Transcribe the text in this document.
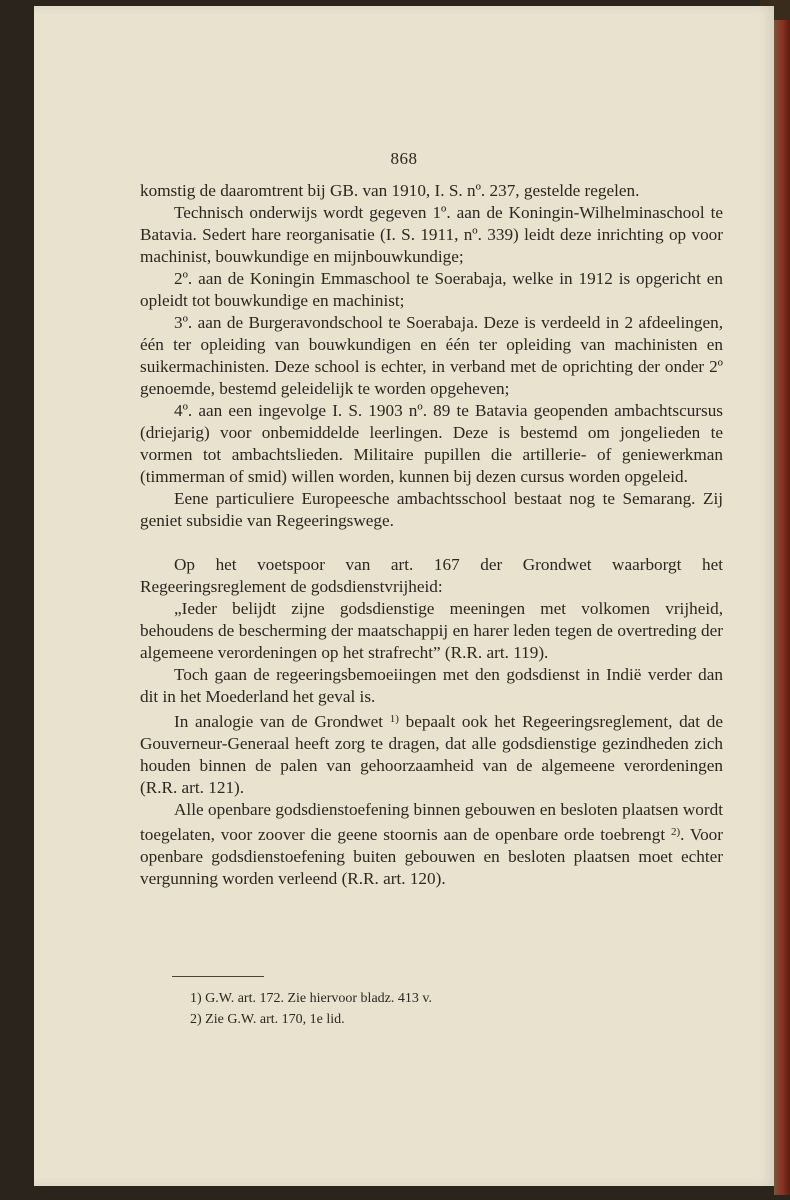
868

komstig de daaromtrent bij GB. van 1910, I. S. nº. 237, gestelde regelen.

Technisch onderwijs wordt gegeven 1º. aan de Koningin-Wilhelminaschool te Batavia. Sedert hare reorganisatie (I. S. 1911, nº. 339) leidt deze inrichting op voor machinist, bouwkundige en mijnbouwkundige;

2º. aan de Koningin Emmaschool te Soerabaja, welke in 1912 is opgericht en opleidt tot bouwkundige en machinist;

3º. aan de Burgeravondschool te Soerabaja. Deze is verdeeld in 2 afdeelingen, één ter opleiding van bouwkundigen en één ter opleiding van machinisten en suikermachinisten. Deze school is echter, in verband met de oprichting der onder 2º genoemde, bestemd geleidelijk te worden opgeheven;

4º. aan een ingevolge I. S. 1903 nº. 89 te Batavia geopenden ambachtscursus (driejarig) voor onbemiddelde leerlingen. Deze is bestemd om jongelieden te vormen tot ambachtslieden. Militaire pupillen die artillerie- of geniewerkman (timmerman of smid) willen worden, kunnen bij dezen cursus worden opgeleid.

Eene particuliere Europeesche ambachtsschool bestaat nog te Semarang. Zij geniet subsidie van Regeeringswege.

Op het voetspoor van art. 167 der Grondwet waarborgt het Regeeringsreglement de godsdienstvrijheid:

„Ieder belijdt zijne godsdienstige meeningen met volkomen vrijheid, behoudens de bescherming der maatschappij en harer leden tegen de overtreding der algemeene verordeningen op het strafrecht” (R.R. art. 119).

Toch gaan de regeeringsbemoeiingen met den godsdienst in Indië verder dan dit in het Moederland het geval is.

In analogie van de Grondwet $^{1)}$ bepaalt ook het Regeeringsreglement, dat de Gouverneur-Generaal heeft zorg te dragen, dat alle godsdienstige gezindheden zich houden binnen de palen van gehoorzaamheid van de algemeene verordeningen (R.R. art. 121).

Alle openbare godsdienstoefening binnen gebouwen en besloten plaatsen wordt toegelaten, voor zoover die geene stoornis aan de openbare orde toebrengt $^{2)}$. Voor openbare godsdienstoefening buiten gebouwen en besloten plaatsen moet echter vergunning worden verleend (R.R. art. 120).

1) G.W. art. 172. Zie hiervoor bladz. 413 v.

2) Zie G.W. art. 170, 1e lid.
